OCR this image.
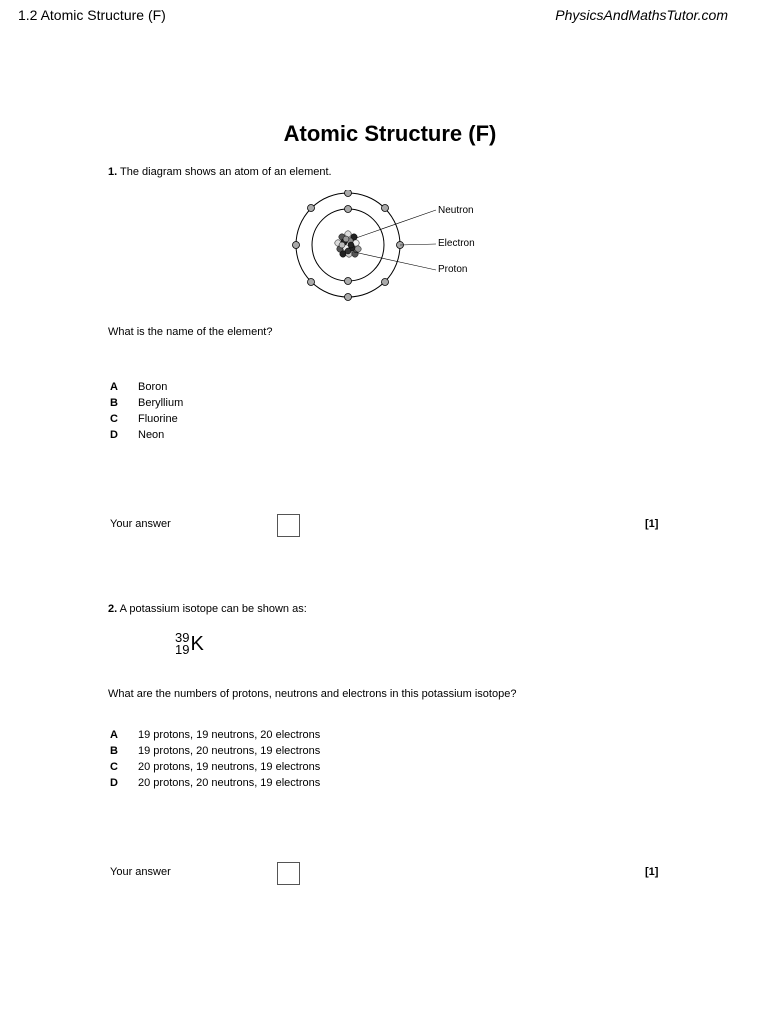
1.2 Atomic Structure (F)	PhysicsAndMathsTutor.com
Atomic Structure (F)
1. The diagram shows an atom of an element.
Neutron
Electron
Proton
What is the name of the element?
A	Boron
B	Beryllium
C	Fluorine
D	Neon
Your answer	[1]
2. A potassium isotope can be shown as:
39
19 K
What are the numbers of protons, neutrons and electrons in this potassium isotope?
A	19 protons, 19 neutrons, 20 electrons
B	19 protons, 20 neutrons, 19 electrons
C	20 protons, 19 neutrons, 19 electrons
D	20 protons, 20 neutrons, 19 electrons
Your answer	[1]
